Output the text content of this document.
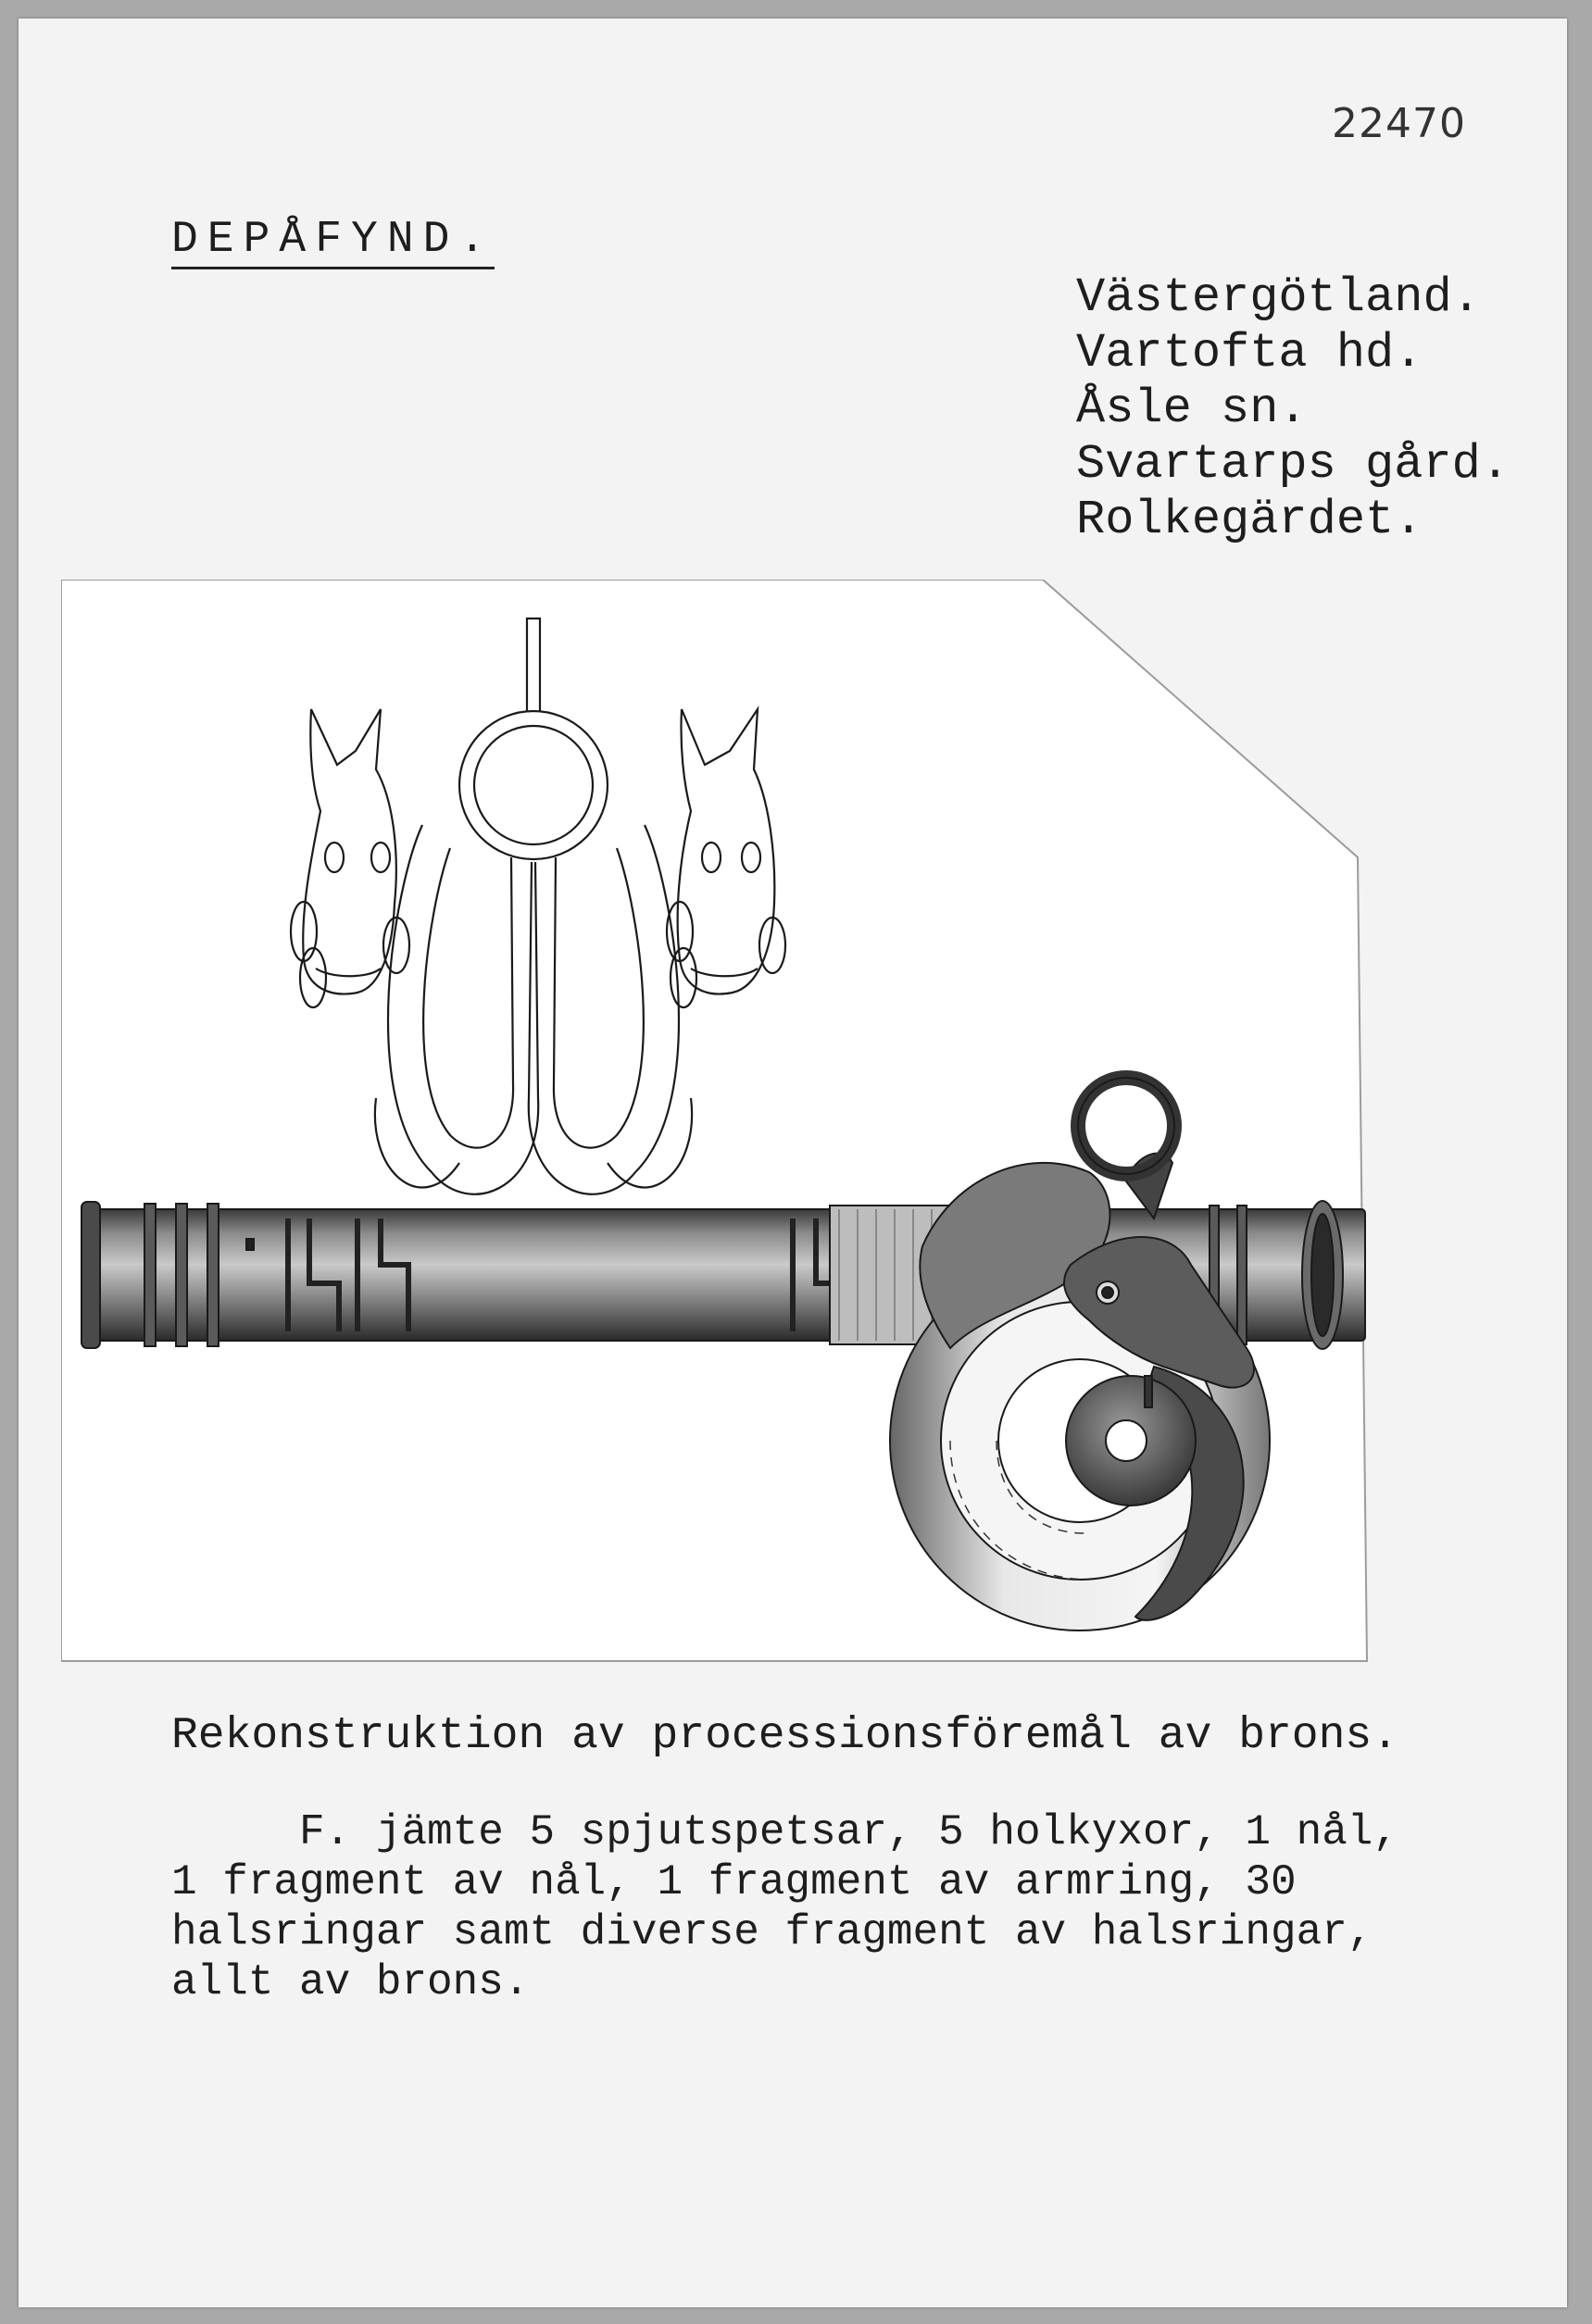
22470
DEPÅFYND.
Västergötland.
Vartofta hd.
Åsle sn.
Svartarps gård.
Rolkegärdet.
Rekonstruktion av processionsföremål av brons.
F. jämte 5 spjutspetsar, 5 holkyxor, 1 nål,
1 fragment av nål, 1 fragment av armring, 30
halsringar samt diverse fragment av halsringar,
allt av brons.
